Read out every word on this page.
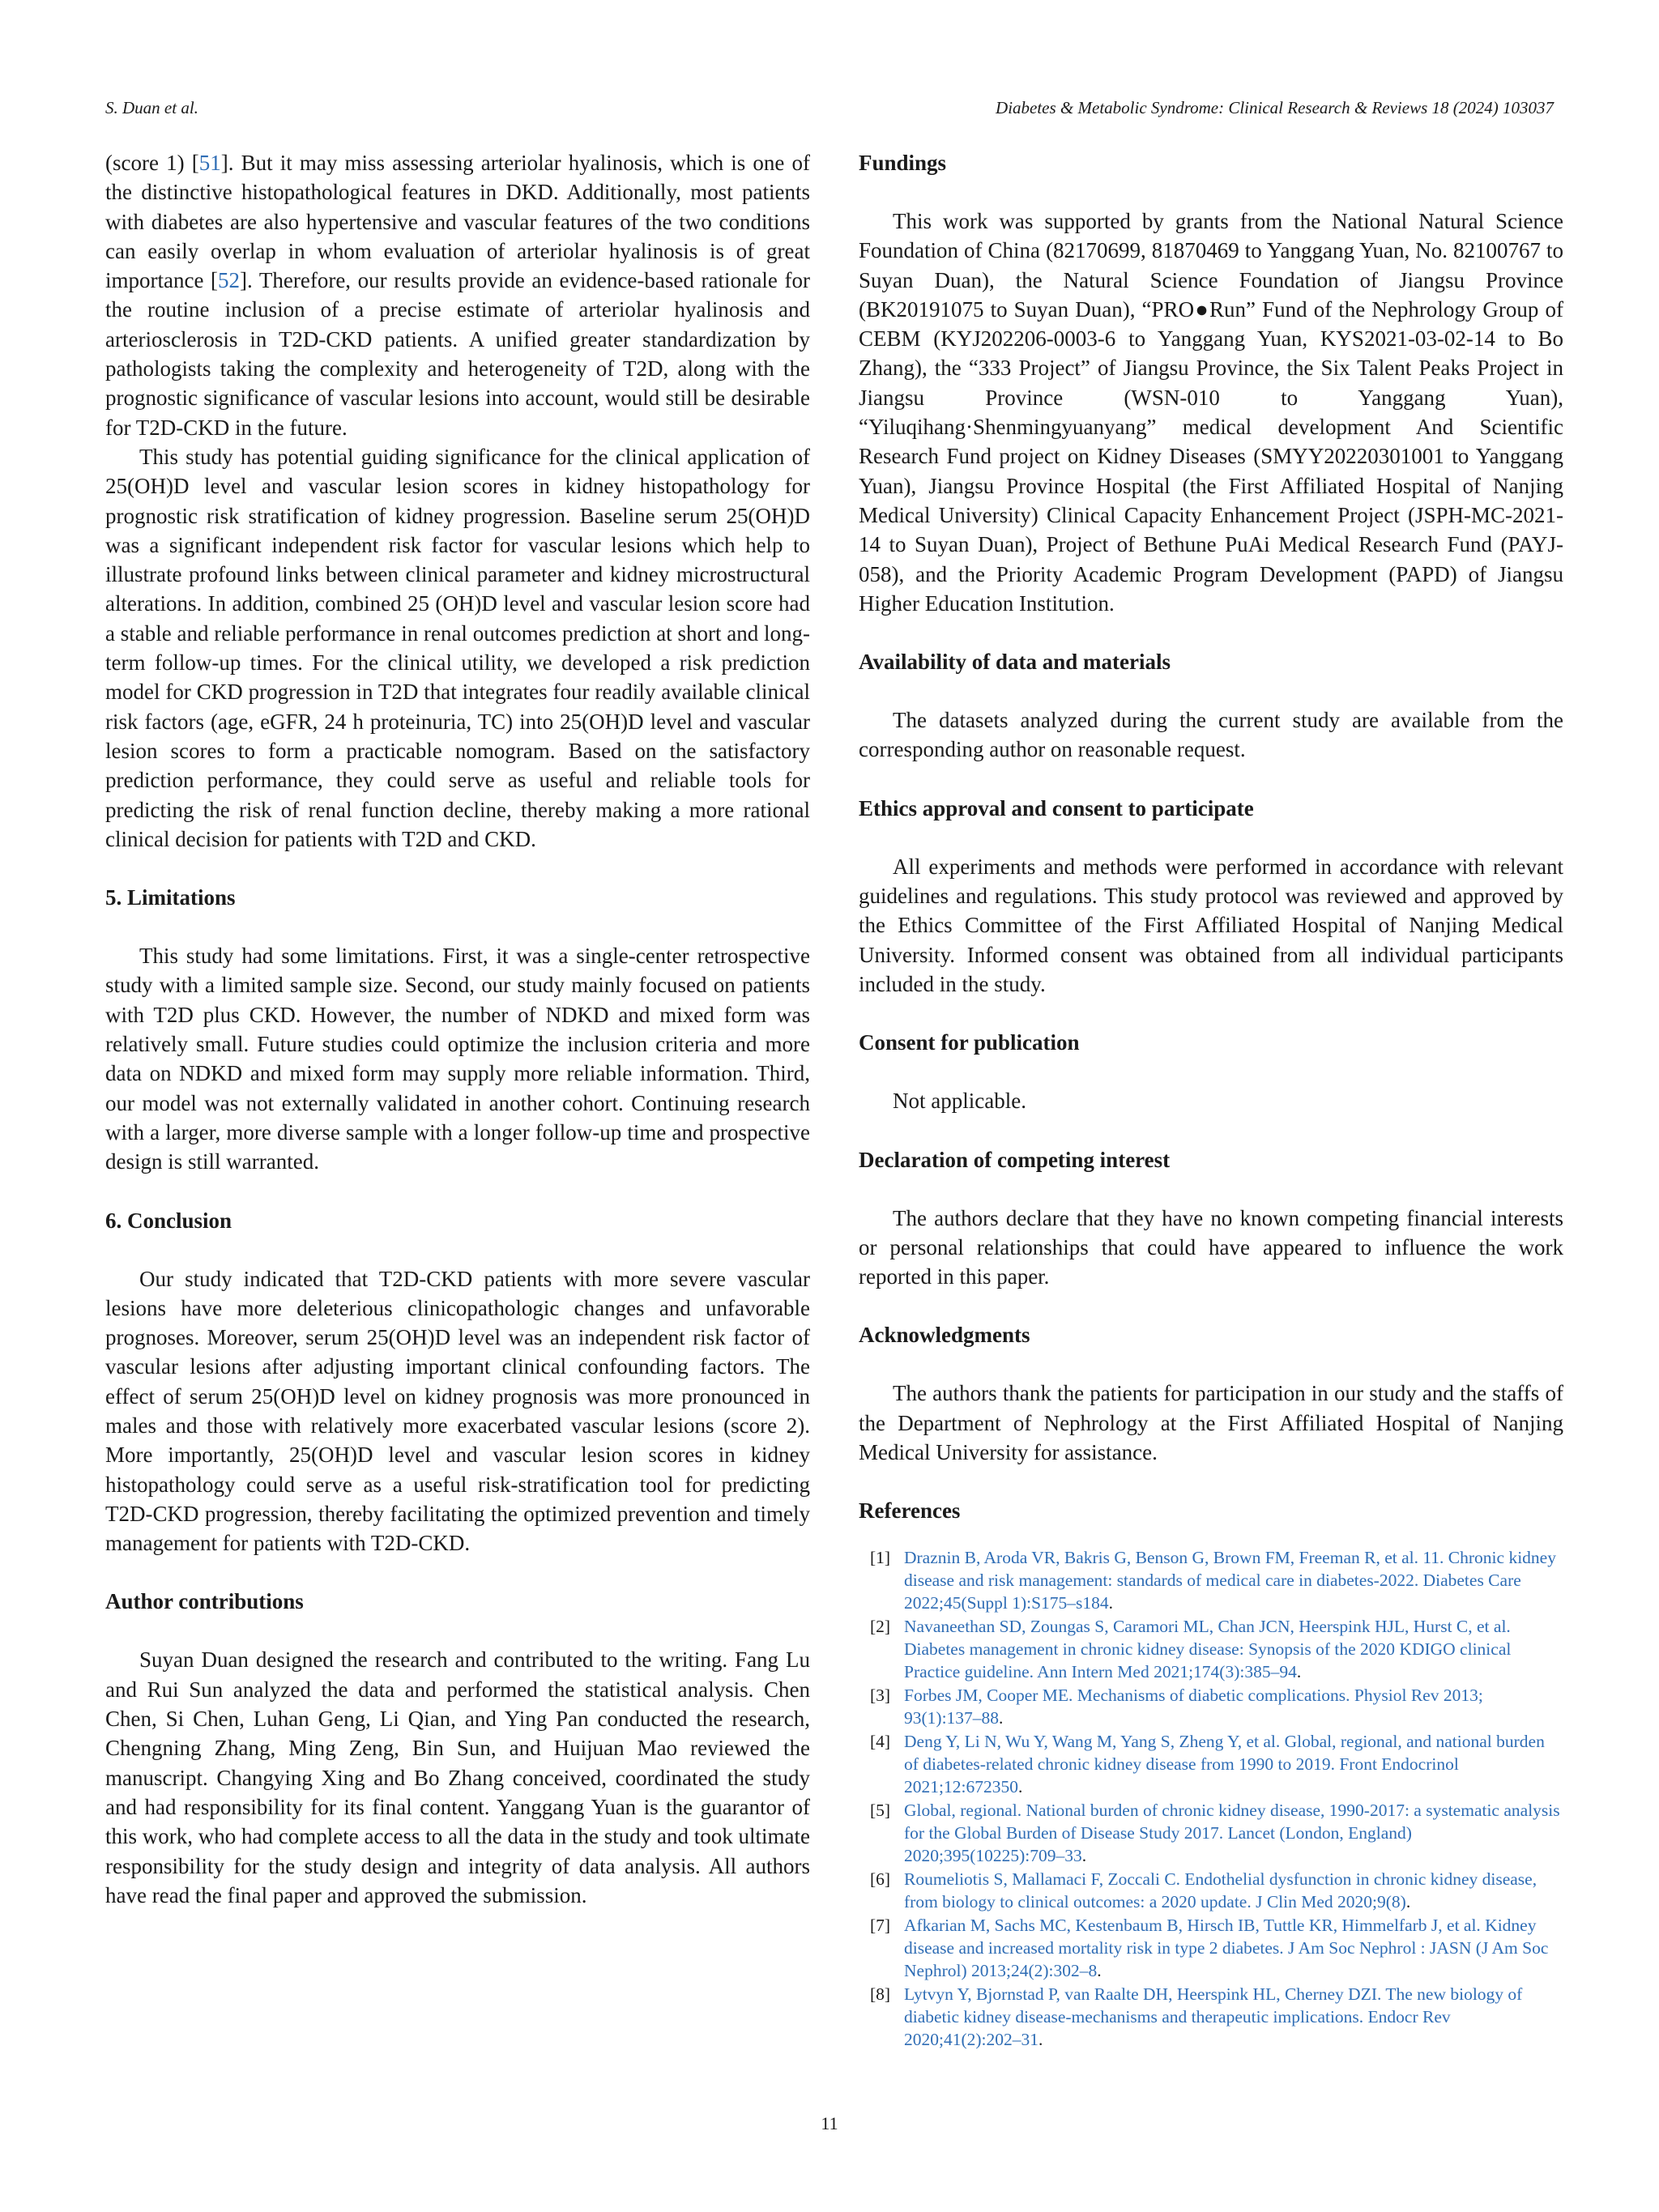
S. Duan et al.	Diabetes & Metabolic Syndrome: Clinical Research & Reviews 18 (2024) 103037

(score 1) [51]. But it may miss assessing arteriolar hyalinosis, which is one of the distinctive histopathological features in DKD. Additionally, most patients with diabetes are also hypertensive and vascular features of the two conditions can easily overlap in whom evaluation of arteriolar hyalinosis is of great importance [52]. Therefore, our results provide an evidence-based rationale for the routine inclusion of a precise estimate of arteriolar hyalinosis and arteriosclerosis in T2D-CKD patients. A unified greater standardization by pathologists taking the complexity and heterogeneity of T2D, along with the prognostic significance of vascular lesions into account, would still be desirable for T2D-CKD in the future.

This study has potential guiding significance for the clinical application of 25(OH)D level and vascular lesion scores in kidney histopathology for prognostic risk stratification of kidney progression. Baseline serum 25(OH)D was a significant independent risk factor for vascular lesions which help to illustrate profound links between clinical parameter and kidney microstructural alterations. In addition, combined 25 (OH)D level and vascular lesion score had a stable and reliable performance in renal outcomes prediction at short and long-term follow-up times. For the clinical utility, we developed a risk prediction model for CKD progression in T2D that integrates four readily available clinical risk factors (age, eGFR, 24 h proteinuria, TC) into 25(OH)D level and vascular lesion scores to form a practicable nomogram. Based on the satisfactory prediction performance, they could serve as useful and reliable tools for predicting the risk of renal function decline, thereby making a more rational clinical decision for patients with T2D and CKD.

5. Limitations

This study had some limitations. First, it was a single-center retrospective study with a limited sample size. Second, our study mainly focused on patients with T2D plus CKD. However, the number of NDKD and mixed form was relatively small. Future studies could optimize the inclusion criteria and more data on NDKD and mixed form may supply more reliable information. Third, our model was not externally validated in another cohort. Continuing research with a larger, more diverse sample with a longer follow-up time and prospective design is still warranted.

6. Conclusion

Our study indicated that T2D-CKD patients with more severe vascular lesions have more deleterious clinicopathologic changes and unfavorable prognoses. Moreover, serum 25(OH)D level was an independent risk factor of vascular lesions after adjusting important clinical confounding factors. The effect of serum 25(OH)D level on kidney prognosis was more pronounced in males and those with relatively more exacerbated vascular lesions (score 2). More importantly, 25(OH)D level and vascular lesion scores in kidney histopathology could serve as a useful risk-stratification tool for predicting T2D-CKD progression, thereby facilitating the optimized prevention and timely management for patients with T2D-CKD.

Author contributions

Suyan Duan designed the research and contributed to the writing. Fang Lu and Rui Sun analyzed the data and performed the statistical analysis. Chen Chen, Si Chen, Luhan Geng, Li Qian, and Ying Pan conducted the research, Chengning Zhang, Ming Zeng, Bin Sun, and Huijuan Mao reviewed the manuscript. Changying Xing and Bo Zhang conceived, coordinated the study and had responsibility for its final content. Yanggang Yuan is the guarantor of this work, who had complete access to all the data in the study and took ultimate responsibility for the study design and integrity of data analysis. All authors have read the final paper and approved the submission.

Fundings

This work was supported by grants from the National Natural Science Foundation of China (82170699, 81870469 to Yanggang Yuan, No. 82100767 to Suyan Duan), the Natural Science Foundation of Jiangsu Province (BK20191075 to Suyan Duan), “PRO●Run” Fund of the Nephrology Group of CEBM (KYJ202206-0003-6 to Yanggang Yuan, KYS2021-03-02-14 to Bo Zhang), the “333 Project” of Jiangsu Province, the Six Talent Peaks Project in Jiangsu Province (WSN-010 to Yanggang Yuan), “Yiluqihang·Shenmingyuanyang” medical development And Scientific Research Fund project on Kidney Diseases (SMYY20220301001 to Yanggang Yuan), Jiangsu Province Hospital (the First Affiliated Hospital of Nanjing Medical University) Clinical Capacity Enhancement Project (JSPH-MC-2021-14 to Suyan Duan), Project of Bethune PuAi Medical Research Fund (PAYJ-058), and the Priority Academic Program Development (PAPD) of Jiangsu Higher Education Institution.

Availability of data and materials

The datasets analyzed during the current study are available from the corresponding author on reasonable request.

Ethics approval and consent to participate

All experiments and methods were performed in accordance with relevant guidelines and regulations. This study protocol was reviewed and approved by the Ethics Committee of the First Affiliated Hospital of Nanjing Medical University. Informed consent was obtained from all individual participants included in the study.

Consent for publication

Not applicable.

Declaration of competing interest

The authors declare that they have no known competing financial interests or personal relationships that could have appeared to influence the work reported in this paper.

Acknowledgments

The authors thank the patients for participation in our study and the staffs of the Department of Nephrology at the First Affiliated Hospital of Nanjing Medical University for assistance.

References
[1] Draznin B, Aroda VR, Bakris G, Benson G, Brown FM, Freeman R, et al. 11. Chronic kidney disease and risk management: standards of medical care in diabetes-2022. Diabetes Care 2022;45(Suppl 1):S175–s184.
[2] Navaneethan SD, Zoungas S, Caramori ML, Chan JCN, Heerspink HJL, Hurst C, et al. Diabetes management in chronic kidney disease: Synopsis of the 2020 KDIGO clinical Practice guideline. Ann Intern Med 2021;174(3):385–94.
[3] Forbes JM, Cooper ME. Mechanisms of diabetic complications. Physiol Rev 2013; 93(1):137–88.
[4] Deng Y, Li N, Wu Y, Wang M, Yang S, Zheng Y, et al. Global, regional, and national burden of diabetes-related chronic kidney disease from 1990 to 2019. Front Endocrinol 2021;12:672350.
[5] Global, regional. National burden of chronic kidney disease, 1990-2017: a systematic analysis for the Global Burden of Disease Study 2017. Lancet (London, England) 2020;395(10225):709–33.
[6] Roumeliotis S, Mallamaci F, Zoccali C. Endothelial dysfunction in chronic kidney disease, from biology to clinical outcomes: a 2020 update. J Clin Med 2020;9(8).
[7] Afkarian M, Sachs MC, Kestenbaum B, Hirsch IB, Tuttle KR, Himmelfarb J, et al. Kidney disease and increased mortality risk in type 2 diabetes. J Am Soc Nephrol : JASN (J Am Soc Nephrol) 2013;24(2):302–8.
[8] Lytvyn Y, Bjornstad P, van Raalte DH, Heerspink HL, Cherney DZI. The new biology of diabetic kidney disease-mechanisms and therapeutic implications. Endocr Rev 2020;41(2):202–31.
11
